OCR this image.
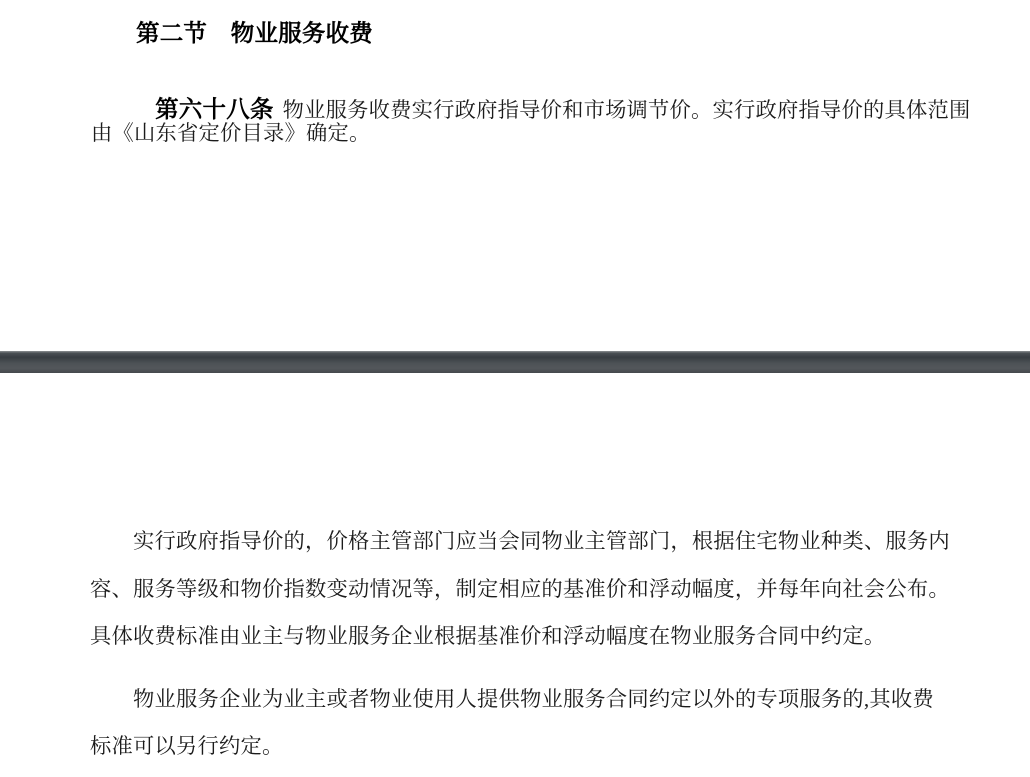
第二节　物业服务收费

第六十八条 物业服务收费实行政府指导价和市场调节价。实行政府指导价的具体范围

由《山东省定价目录》确定。
实行政府指导价的，价格主管部门应当会同物业主管部门，根据住宅物业种类、服务内
容、服务等级和物价指数变动情况等，制定相应的基准价和浮动幅度，并每年向社会公布。
具体收费标准由业主与物业服务企业根据基准价和浮动幅度在物业服务合同中约定。
物业服务企业为业主或者物业使用人提供物业服务合同约定以外的专项服务的,其收费
标准可以另行约定。
